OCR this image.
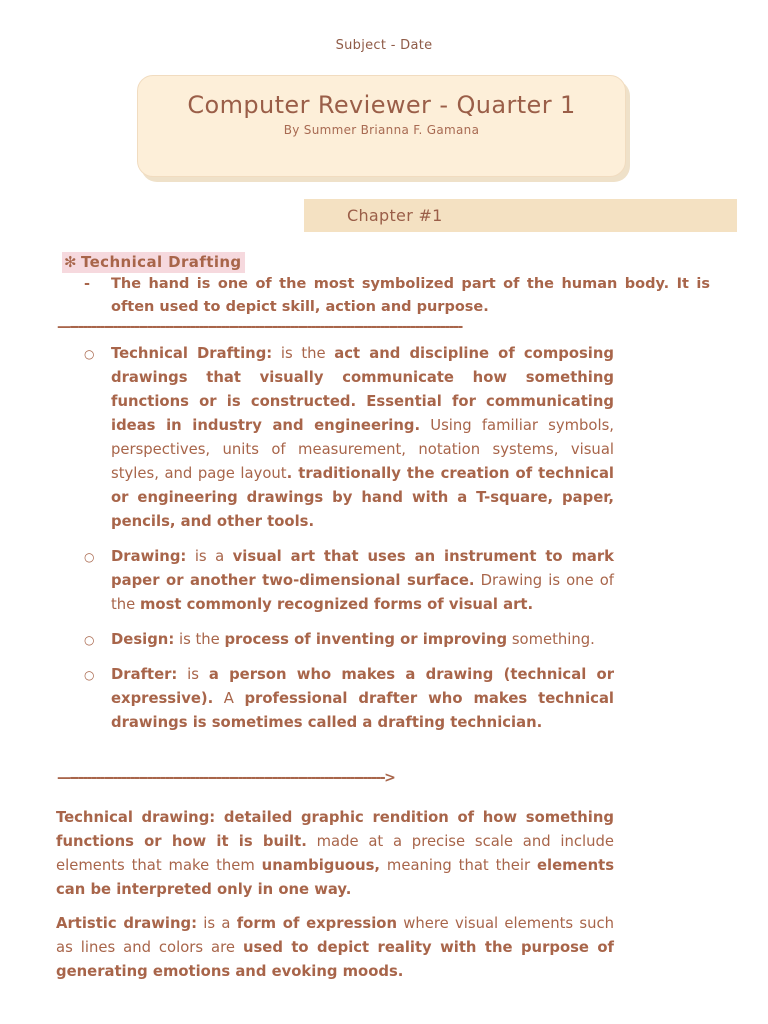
Subject - Date
Computer Reviewer - Quarter 1
By Summer Brianna F. Gamana
Chapter #1
✻ Technical Drafting
- The hand is one of the most symbolized part of the human body. It is often used to depict skill, action and purpose.
—-------------------------------------------------------------------------------------------
○ Technical Drafting: is the act and discipline of composing drawings that visually communicate how something functions or is constructed. Essential for communicating ideas in industry and engineering. Using familiar symbols, perspectives, units of measurement, notation systems, visual styles, and page layout. traditionally the creation of technical or engineering drawings by hand with a T-square, paper, pencils, and other tools.
○ Drawing: is a visual art that uses an instrument to mark paper or another two-dimensional surface. Drawing is one of the most commonly recognized forms of visual art.
○ Design: is the process of inventing or improving something.
○ Drafter: is a person who makes a drawing (technical or expressive). A professional drafter who makes technical drawings is sometimes called a drafting technician.
—------------------------------------------------------------------------->
Technical drawing: detailed graphic rendition of how something functions or how it is built. made at a precise scale and include elements that make them unambiguous, meaning that their elements can be interpreted only in one way.
Artistic drawing: is a form of expression where visual elements such as lines and colors are used to depict reality with the purpose of generating emotions and evoking moods.
